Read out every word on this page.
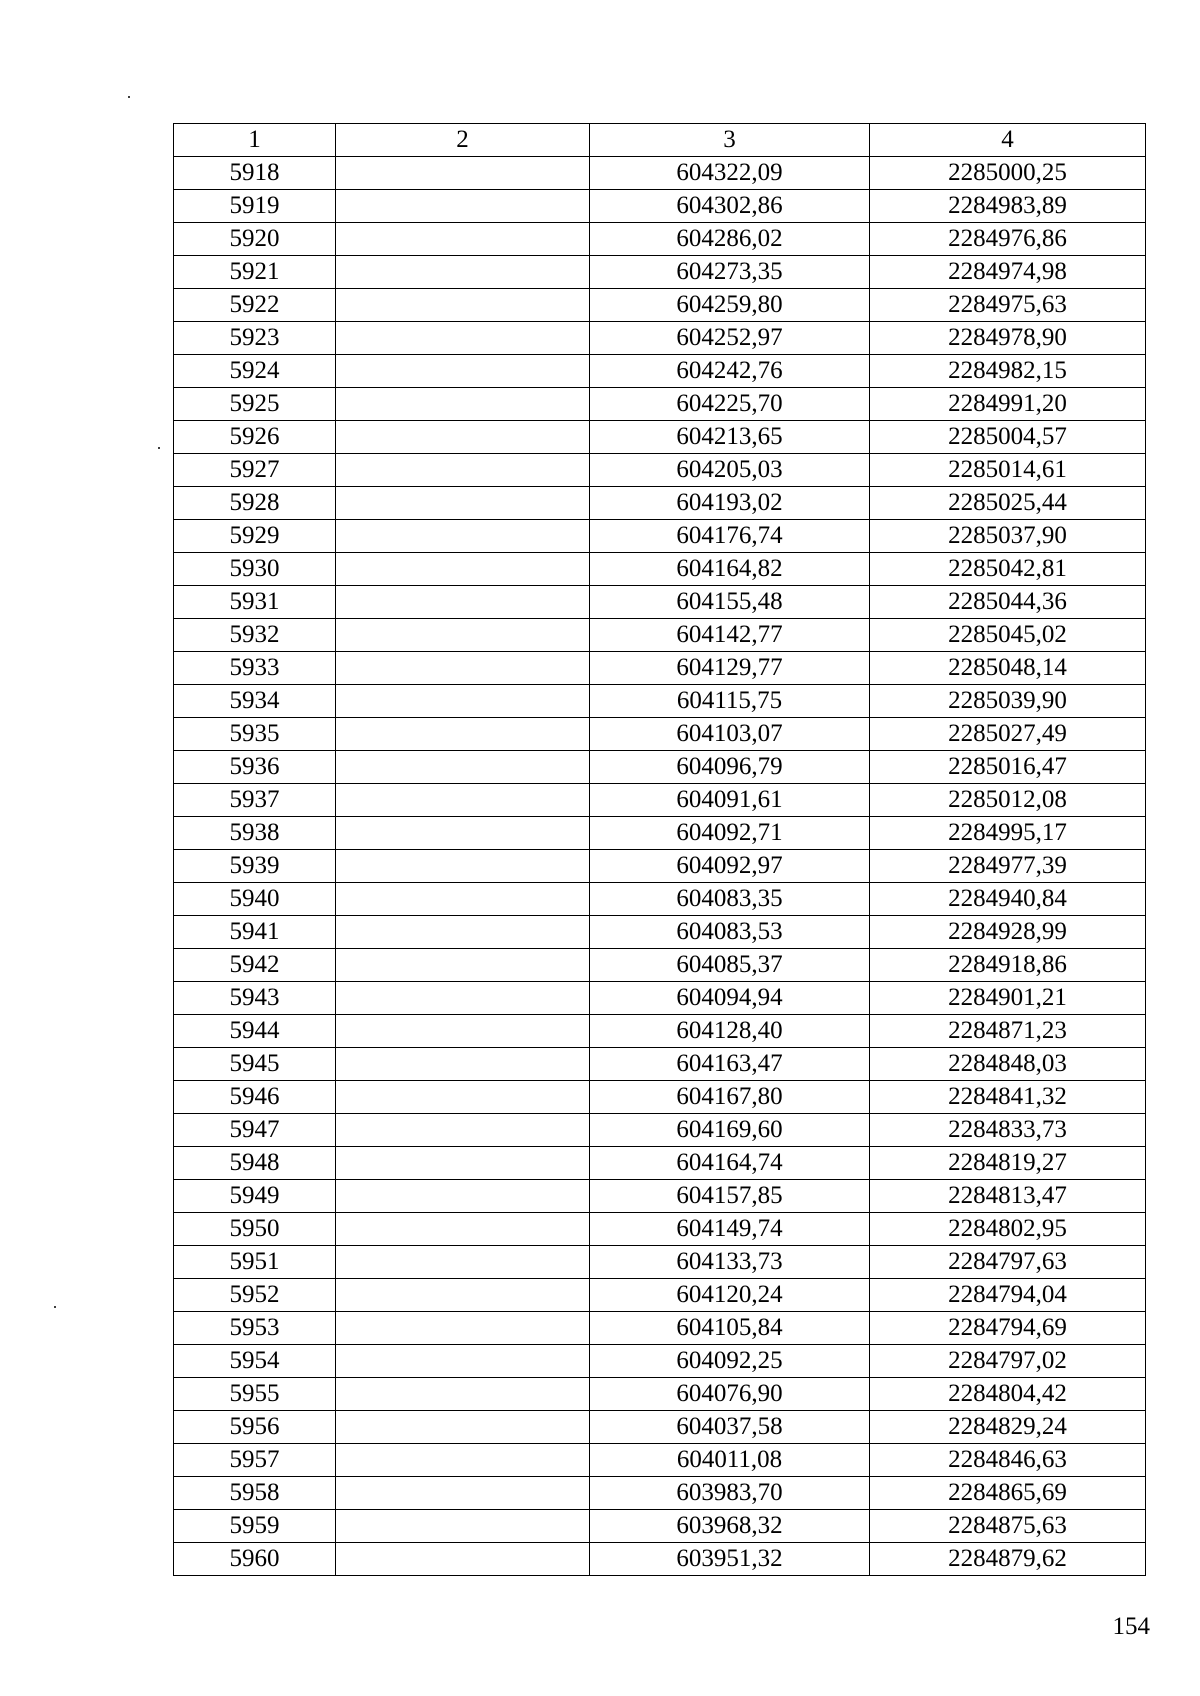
1	2	3	4
5918		604322,09	2285000,25
5919		604302,86	2284983,89
5920		604286,02	2284976,86
5921		604273,35	2284974,98
5922		604259,80	2284975,63
5923		604252,97	2284978,90
5924		604242,76	2284982,15
5925		604225,70	2284991,20
5926		604213,65	2285004,57
5927		604205,03	2285014,61
5928		604193,02	2285025,44
5929		604176,74	2285037,90
5930		604164,82	2285042,81
5931		604155,48	2285044,36
5932		604142,77	2285045,02
5933		604129,77	2285048,14
5934		604115,75	2285039,90
5935		604103,07	2285027,49
5936		604096,79	2285016,47
5937		604091,61	2285012,08
5938		604092,71	2284995,17
5939		604092,97	2284977,39
5940		604083,35	2284940,84
5941		604083,53	2284928,99
5942		604085,37	2284918,86
5943		604094,94	2284901,21
5944		604128,40	2284871,23
5945		604163,47	2284848,03
5946		604167,80	2284841,32
5947		604169,60	2284833,73
5948		604164,74	2284819,27
5949		604157,85	2284813,47
5950		604149,74	2284802,95
5951		604133,73	2284797,63
5952		604120,24	2284794,04
5953		604105,84	2284794,69
5954		604092,25	2284797,02
5955		604076,90	2284804,42
5956		604037,58	2284829,24
5957		604011,08	2284846,63
5958		603983,70	2284865,69
5959		603968,32	2284875,63
5960		603951,32	2284879,62
154
